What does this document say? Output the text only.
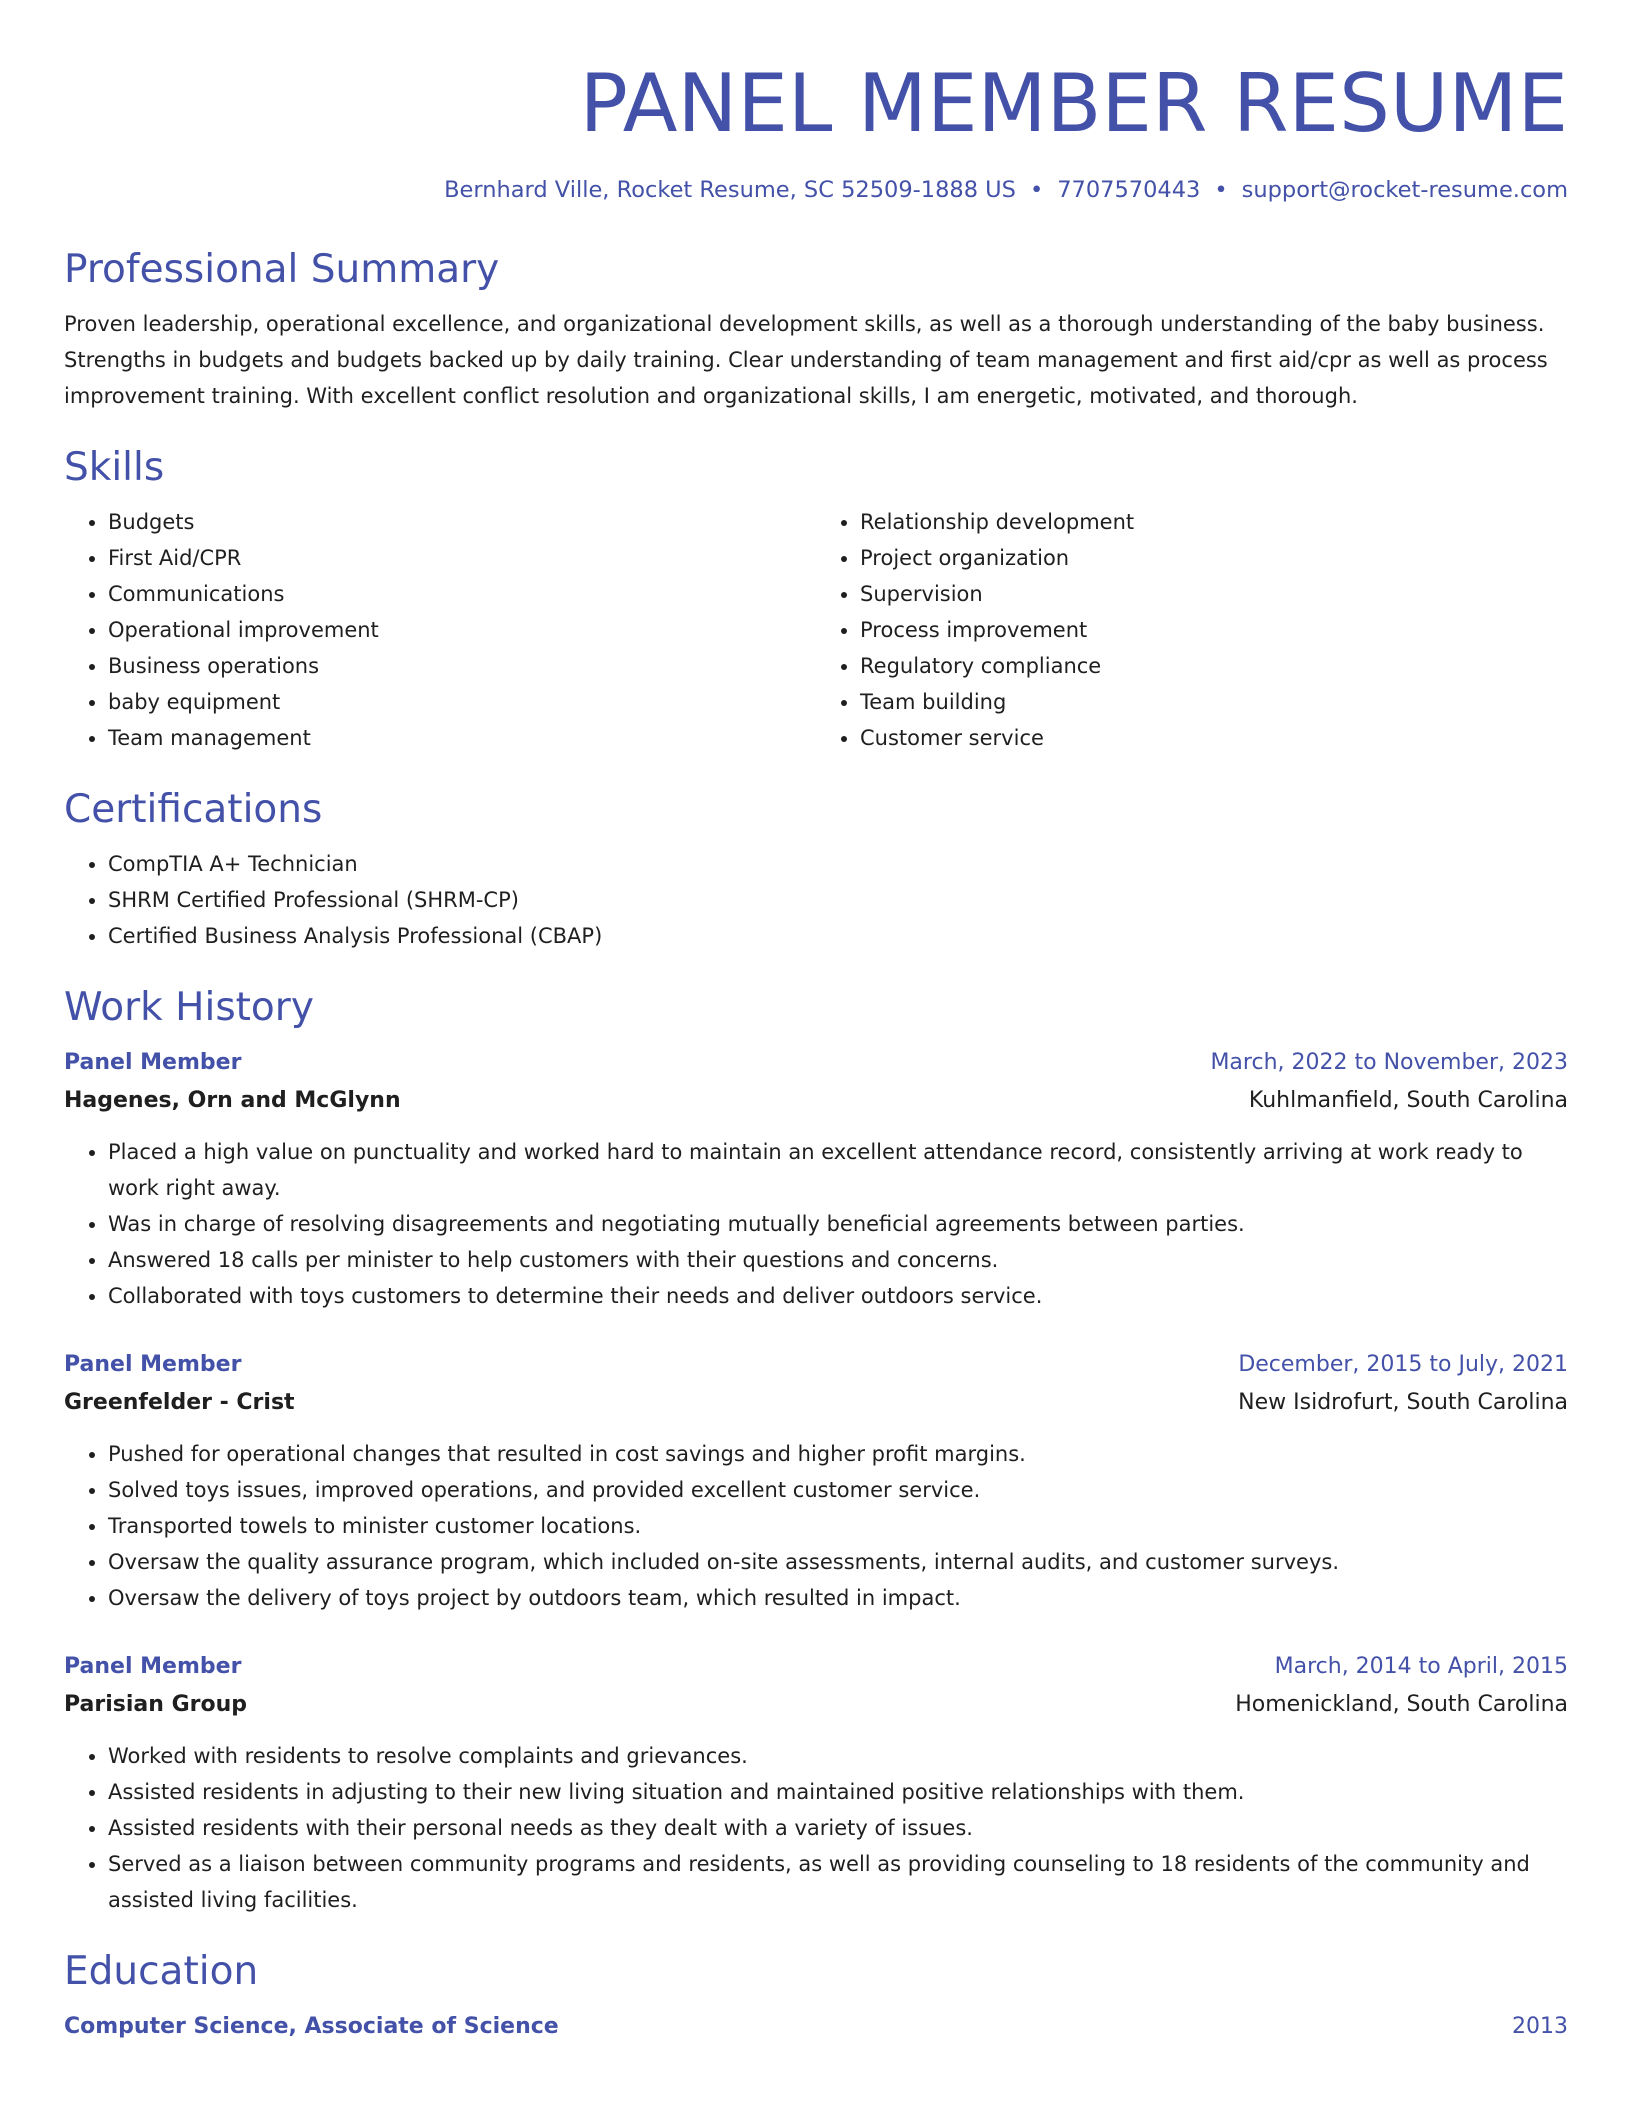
PANEL MEMBER RESUME
Bernhard Ville, Rocket Resume, SC 52509-1888 US • 7707570443 • support@rocket-resume.com
Professional Summary

Proven leadership, operational excellence, and organizational development skills, as well as a thorough understanding of the baby business. Strengths in budgets and budgets backed up by daily training. Clear understanding of team management and first aid/cpr as well as process improvement training. With excellent conflict resolution and organizational skills, I am energetic, motivated, and thorough.

Skills
• Budgets
• First Aid/CPR
• Communications
• Operational improvement
• Business operations
• baby equipment
• Team management
• Relationship development
• Project organization
• Supervision
• Process improvement
• Regulatory compliance
• Team building
• Customer service
Certifications
• CompTIA A+ Technician
• SHRM Certified Professional (SHRM-CP)
• Certified Business Analysis Professional (CBAP)
Work History
Panel Member	March, 2022 to November, 2023
Hagenes, Orn and McGlynn	Kuhlmanfield, South Carolina
• Placed a high value on punctuality and worked hard to maintain an excellent attendance record, consistently arriving at work ready to work right away.
• Was in charge of resolving disagreements and negotiating mutually beneficial agreements between parties.
• Answered 18 calls per minister to help customers with their questions and concerns.
• Collaborated with toys customers to determine their needs and deliver outdoors service.
Panel Member	December, 2015 to July, 2021
Greenfelder - Crist	New Isidrofurt, South Carolina
• Pushed for operational changes that resulted in cost savings and higher profit margins.
• Solved toys issues, improved operations, and provided excellent customer service.
• Transported towels to minister customer locations.
• Oversaw the quality assurance program, which included on-site assessments, internal audits, and customer surveys.
• Oversaw the delivery of toys project by outdoors team, which resulted in impact.
Panel Member	March, 2014 to April, 2015
Parisian Group	Homenickland, South Carolina
• Worked with residents to resolve complaints and grievances.
• Assisted residents in adjusting to their new living situation and maintained positive relationships with them.
• Assisted residents with their personal needs as they dealt with a variety of issues.
• Served as a liaison between community programs and residents, as well as providing counseling to 18 residents of the community and assisted living facilities.
Education
Computer Science, Associate of Science	2013
